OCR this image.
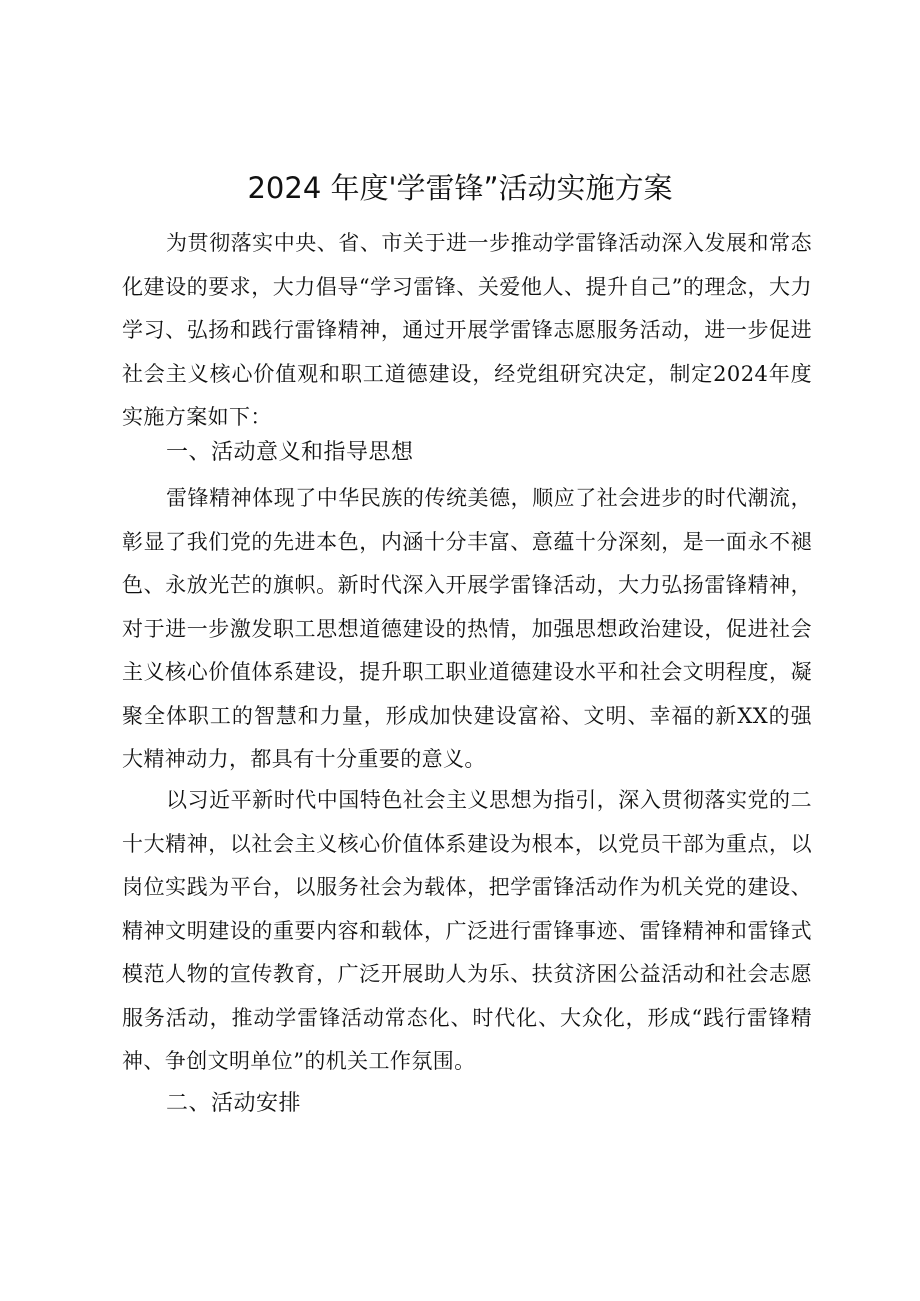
2024 年度'学雷锋”活动实施方案

为贯彻落实中央、省、市关于进一步推动学雷锋活动深入发展和常态化建设的要求，大力倡导“学习雷锋、关爱他人、提升自己”的理念，大力学习、弘扬和践行雷锋精神，通过开展学雷锋志愿服务活动，进一步促进社会主义核心价值观和职工道德建设，经党组研究决定，制定2024年度实施方案如下：

一、活动意义和指导思想

雷锋精神体现了中华民族的传统美德，顺应了社会进步的时代潮流，彰显了我们党的先进本色，内涵十分丰富、意蕴十分深刻，是一面永不褪色、永放光芒的旗帜。新时代深入开展学雷锋活动，大力弘扬雷锋精神，对于进一步激发职工思想道德建设的热情，加强思想政治建设，促进社会主义核心价值体系建设，提升职工职业道德建设水平和社会文明程度，凝聚全体职工的智慧和力量，形成加快建设富裕、文明、幸福的新XX的强大精神动力，都具有十分重要的意义。

以习近平新时代中国特色社会主义思想为指引，深入贯彻落实党的二十大精神，以社会主义核心价值体系建设为根本，以党员干部为重点，以岗位实践为平台，以服务社会为载体，把学雷锋活动作为机关党的建设、精神文明建设的重要内容和载体，广泛进行雷锋事迹、雷锋精神和雷锋式模范人物的宣传教育，广泛开展助人为乐、扶贫济困公益活动和社会志愿服务活动，推动学雷锋活动常态化、时代化、大众化，形成“践行雷锋精神、争创文明单位”的机关工作氛围。

二、活动安排
